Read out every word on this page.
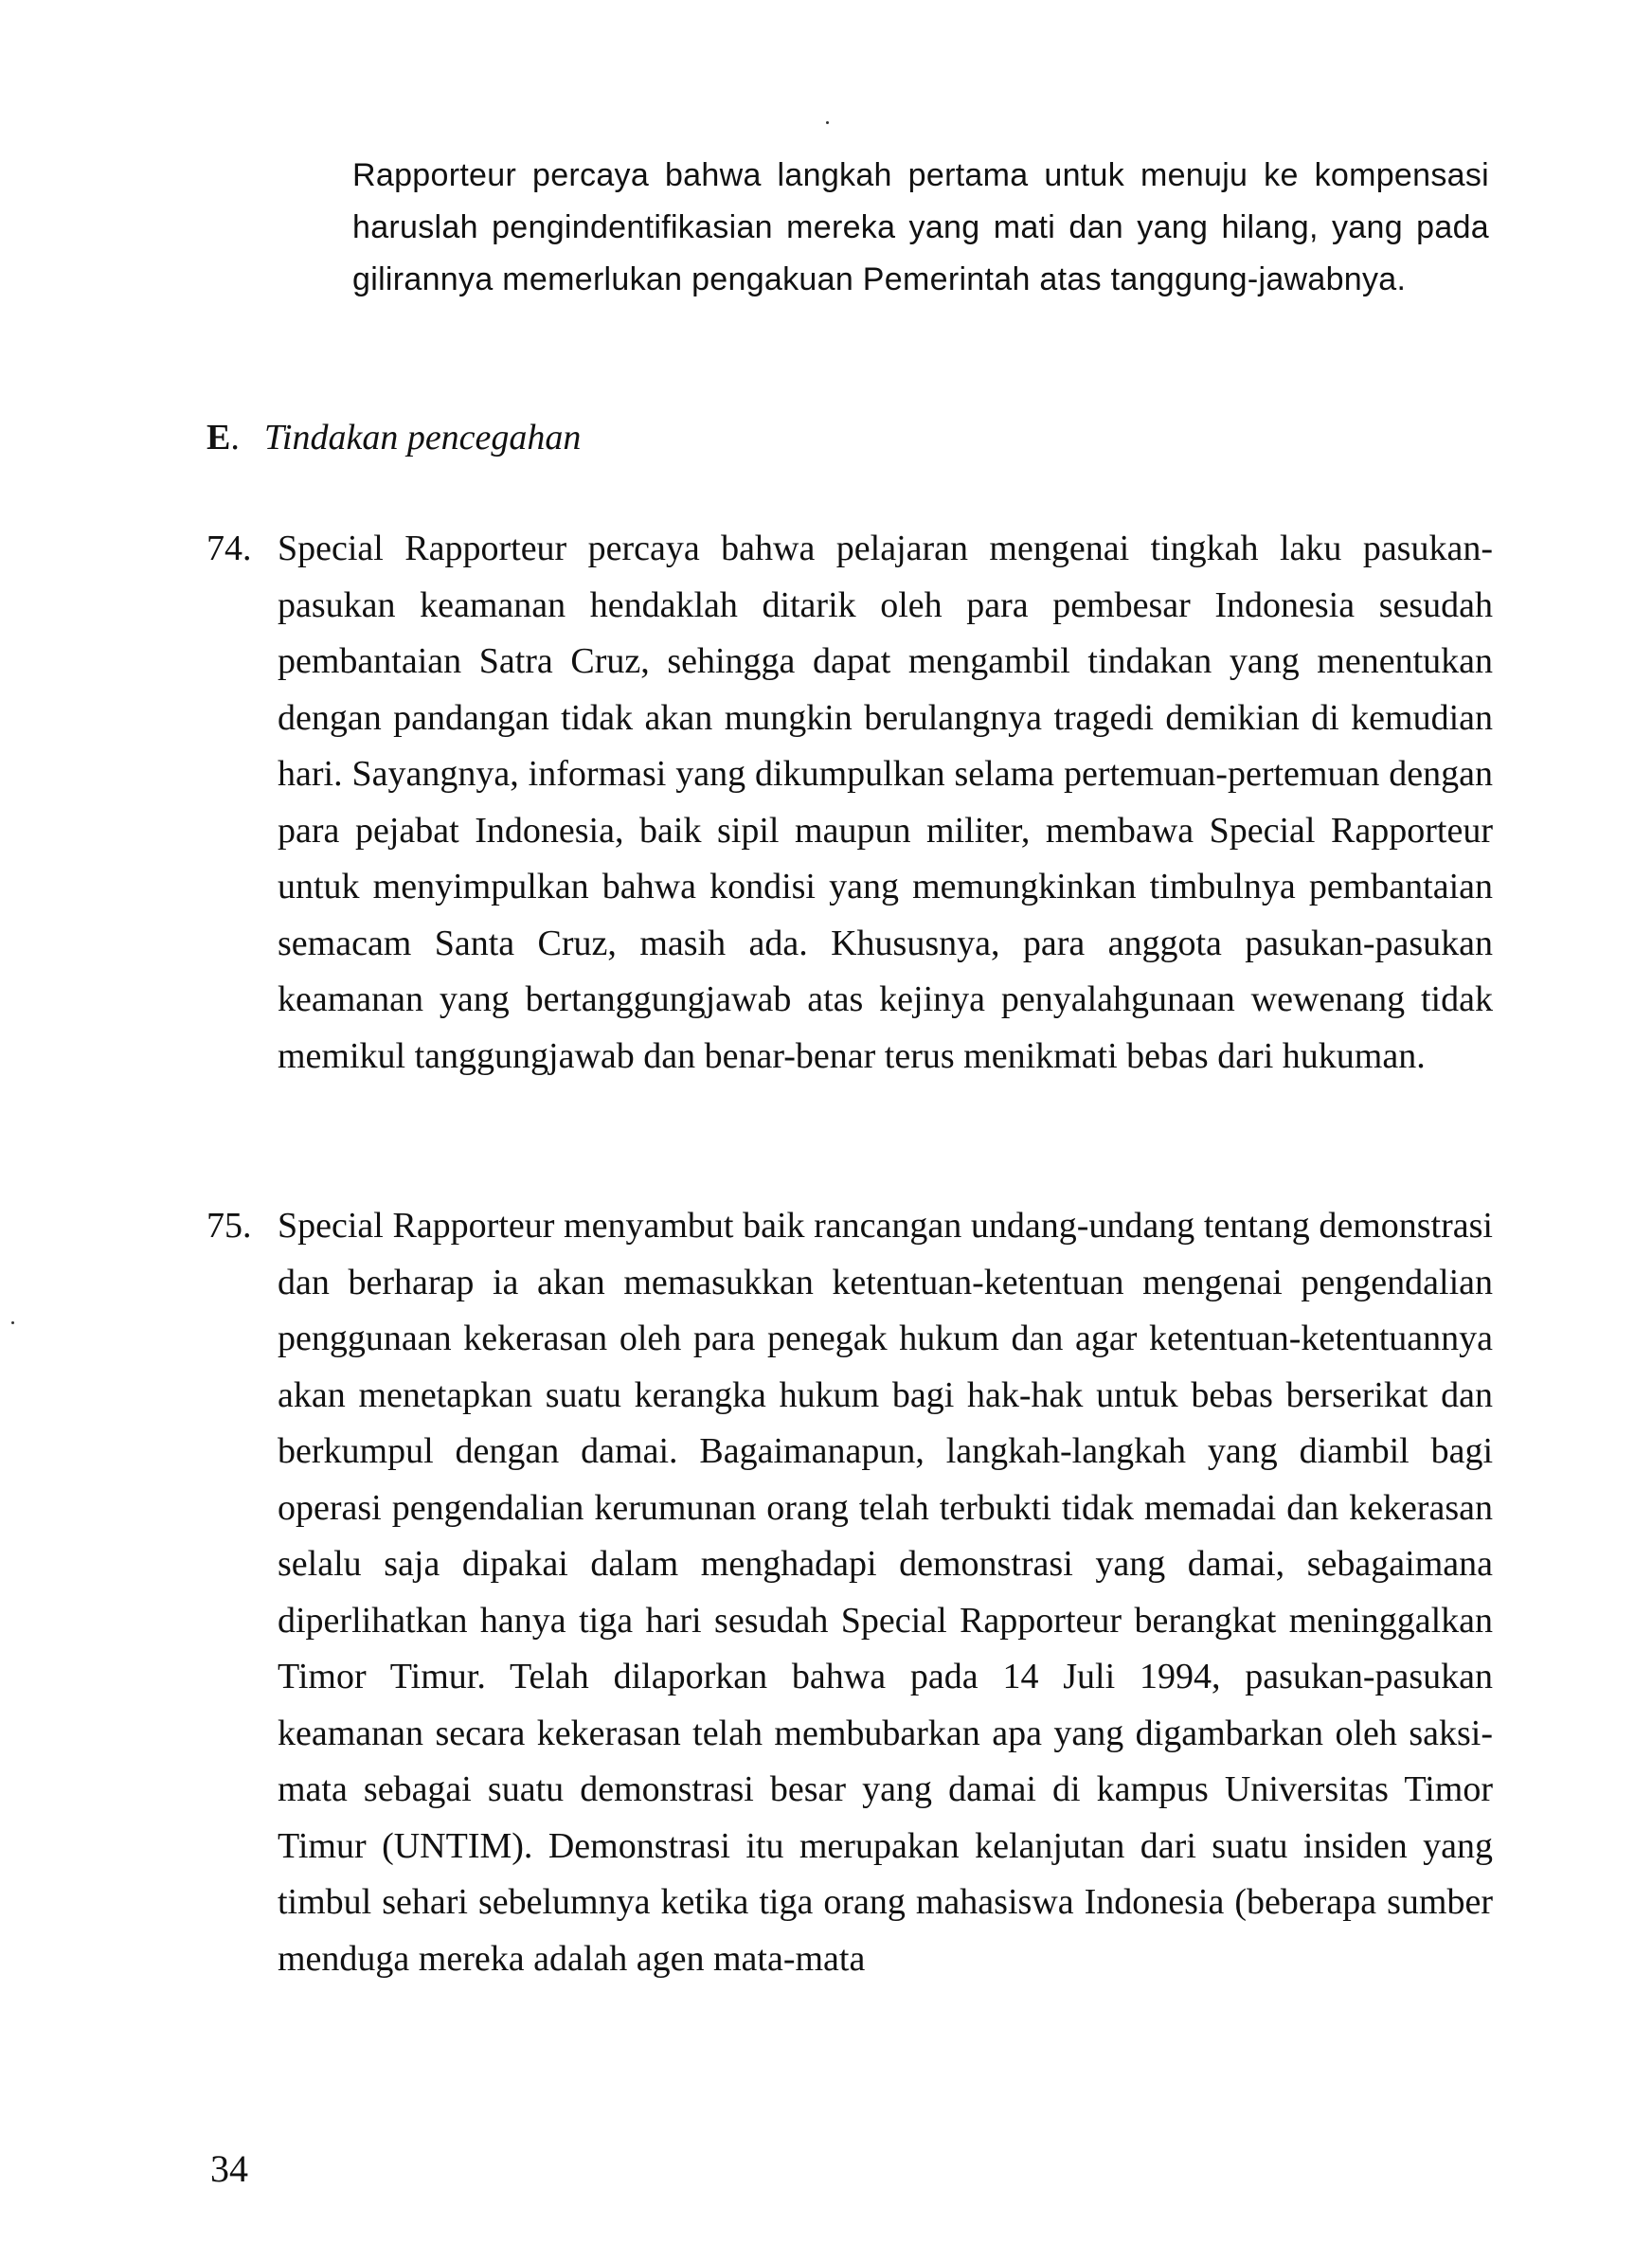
Rapporteur percaya bahwa langkah pertama untuk menuju ke kompensasi haruslah pengindentifikasian mereka yang mati dan yang hilang, yang pada gilirannya memerlukan pengakuan Pemerintah atas tanggung-jawabnya.

E. Tindakan pencegahan
74. Special Rapporteur percaya bahwa pelajaran mengenai tingkah laku pasukan-pasukan keamanan hendaklah ditarik oleh para pembesar Indonesia sesudah pembantaian Satra Cruz, sehingga dapat mengambil tindakan yang menentukan dengan pandangan tidak akan mungkin berulangnya tragedi demikian di kemudian hari. Sayangnya, informasi yang dikumpulkan selama pertemuan-pertemuan dengan para pejabat Indonesia, baik sipil maupun militer, membawa Special Rapporteur untuk menyimpulkan bahwa kondisi yang memungkinkan timbulnya pembantaian semacam Santa Cruz, masih ada. Khususnya, para anggota pasukan-pasukan keamanan yang bertanggungjawab atas kejinya penyalahgunaan wewenang tidak memikul tanggungjawab dan benar-benar terus menikmati bebas dari hukuman.

75. Special Rapporteur menyambut baik rancangan undang-undang tentang demonstrasi dan berharap ia akan memasukkan ketentuan-ketentuan mengenai pengendalian penggunaan kekerasan oleh para penegak hukum dan agar ketentuan-ketentuannya akan menetapkan suatu kerangka hukum bagi hak-hak untuk bebas berserikat dan berkumpul dengan damai. Bagaimanapun, langkah-langkah yang diambil bagi operasi pengendalian kerumunan orang telah terbukti tidak memadai dan kekerasan selalu saja dipakai dalam menghadapi demonstrasi yang damai, sebagaimana diperlihatkan hanya tiga hari sesudah Special Rapporteur berangkat meninggalkan Timor Timur. Telah dilaporkan bahwa pada 14 Juli 1994, pasukan-pasukan keamanan secara kekerasan telah membubarkan apa yang digambarkan oleh saksi-mata sebagai suatu demonstrasi besar yang damai di kampus Universitas Timor Timur (UNTIM). Demonstrasi itu merupakan kelanjutan dari suatu insiden yang timbul sehari sebelumnya ketika tiga orang mahasiswa Indonesia (beberapa sumber menduga mereka adalah agen mata-mata

34
